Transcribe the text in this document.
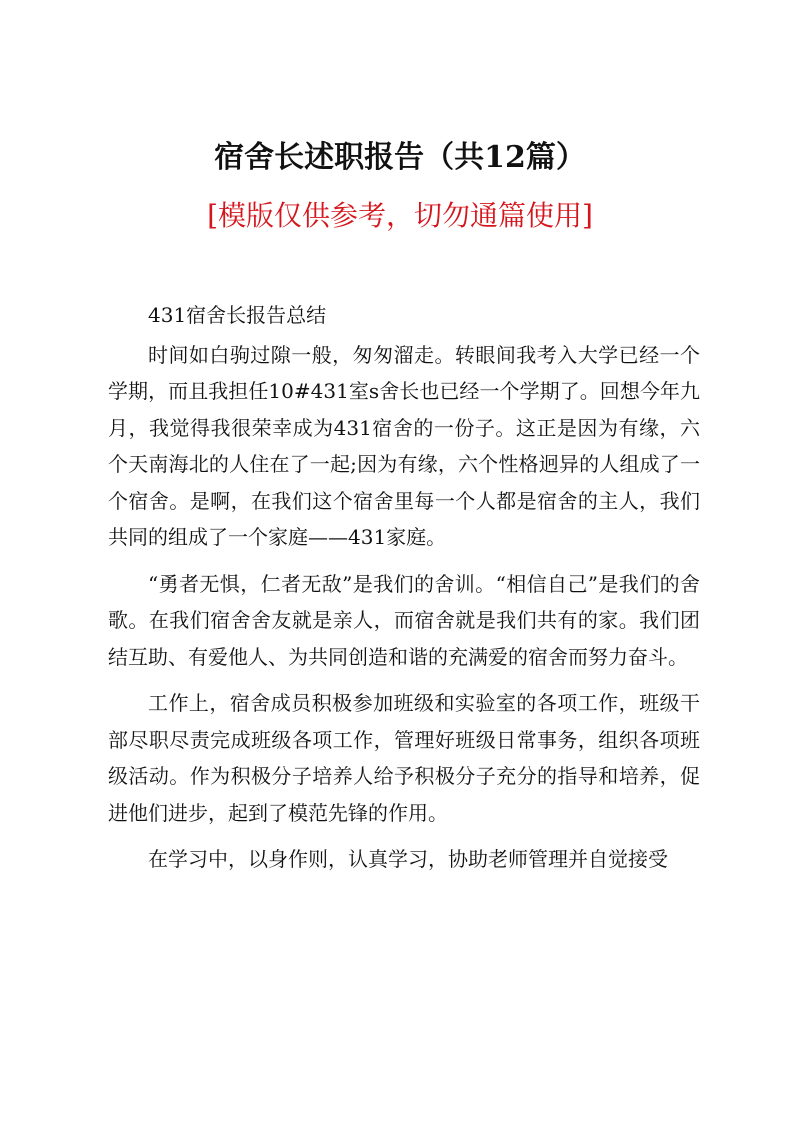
宿舍长述职报告（共12篇）
[模版仅供参考，切勿通篇使用]

431宿舍长报告总结

时间如白驹过隙一般，匆匆溜走。转眼间我考入大学已经一个学期，而且我担任10#431室s舍长也已经一个学期了。回想今年九月，我觉得我很荣幸成为431宿舍的一份子。这正是因为有缘，六个天南海北的人住在了一起;因为有缘，六个性格迥异的人组成了一个宿舍。是啊，在我们这个宿舍里每一个人都是宿舍的主人，我们共同的组成了一个家庭——431家庭。

“勇者无惧，仁者无敌”是我们的舍训。“相信自己”是我们的舍歌。在我们宿舍舍友就是亲人，而宿舍就是我们共有的家。我们团结互助、有爱他人、为共同创造和谐的充满爱的宿舍而努力奋斗。

工作上，宿舍成员积极参加班级和实验室的各项工作，班级干部尽职尽责完成班级各项工作，管理好班级日常事务，组织各项班级活动。作为积极分子培养人给予积极分子充分的指导和培养，促进他们进步，起到了模范先锋的作用。

在学习中，以身作则，认真学习，协助老师管理并自觉接受
